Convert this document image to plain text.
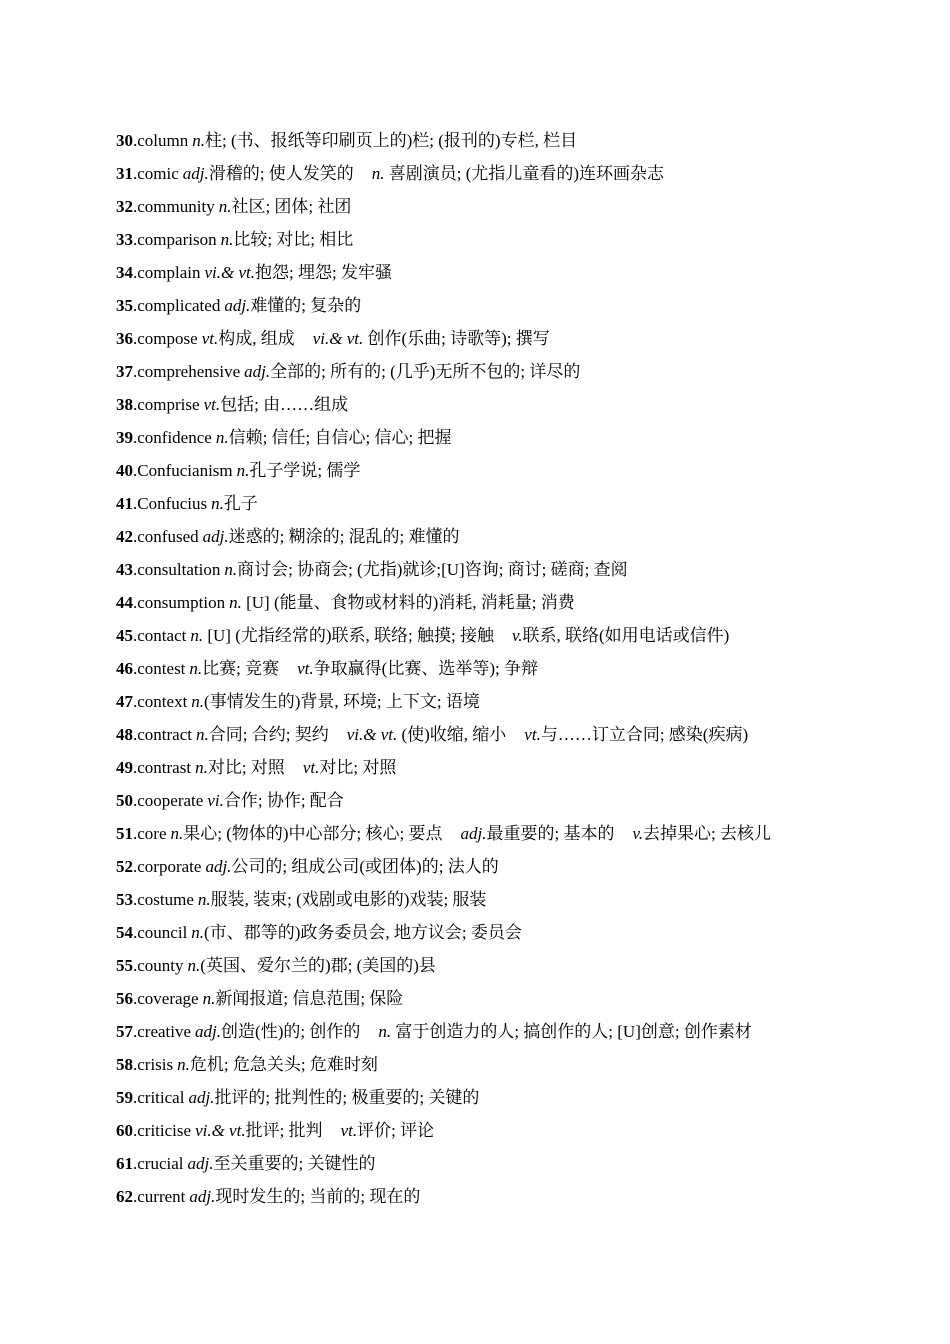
30.column n.柱; (书、报纸等印刷页上的)栏; (报刊的)专栏, 栏目
31.comic adj.滑稽的; 使人发笑的 n. 喜剧演员; (尤指儿童看的)连环画杂志
32.community n.社区; 团体; 社团
33.comparison n.比较; 对比; 相比
34.complain vi.& vt.抱怨; 埋怨; 发牢骚
35.complicated adj.难懂的; 复杂的
36.compose vt.构成, 组成 vi.& vt. 创作(乐曲; 诗歌等); 撰写
37.comprehensive adj.全部的; 所有的; (几乎)无所不包的; 详尽的
38.comprise vt.包括; 由……组成
39.confidence n.信赖; 信任; 自信心; 信心; 把握
40.Confucianism n.孔子学说; 儒学
41.Confucius n.孔子
42.confused adj.迷惑的; 糊涂的; 混乱的; 难懂的
43.consultation n.商讨会; 协商会; (尤指)就诊;[U]咨询; 商讨; 磋商; 查阅
44.consumption n. [U] (能量、食物或材料的)消耗, 消耗量; 消费
45.contact n. [U] (尤指经常的)联系, 联络; 触摸; 接触 v.联系, 联络(如用电话或信件)
46.contest n.比赛; 竞赛 vt.争取赢得(比赛、选举等); 争辩
47.context n.(事情发生的)背景, 环境; 上下文; 语境
48.contract n.合同; 合约; 契约 vi.& vt. (使)收缩, 缩小 vt.与……订立合同; 感染(疾病)
49.contrast n.对比; 对照 vt.对比; 对照
50.cooperate vi.合作; 协作; 配合
51.core n.果心; (物体的)中心部分; 核心; 要点 adj.最重要的; 基本的 v.去掉果心; 去核儿
52.corporate adj.公司的; 组成公司(或团体)的; 法人的
53.costume n.服装, 装束; (戏剧或电影的)戏装; 服装
54.council n.(市、郡等的)政务委员会, 地方议会; 委员会
55.county n.(英国、爱尔兰的)郡; (美国的)县
56.coverage n.新闻报道; 信息范围; 保险
57.creative adj.创造(性)的; 创作的 n. 富于创造力的人; 搞创作的人; [U]创意; 创作素材
58.crisis n.危机; 危急关头; 危难时刻
59.critical adj.批评的; 批判性的; 极重要的; 关键的
60.criticise vi.& vt.批评; 批判 vt.评价; 评论
61.crucial adj.至关重要的; 关键性的
62.current adj.现时发生的; 当前的; 现在的
